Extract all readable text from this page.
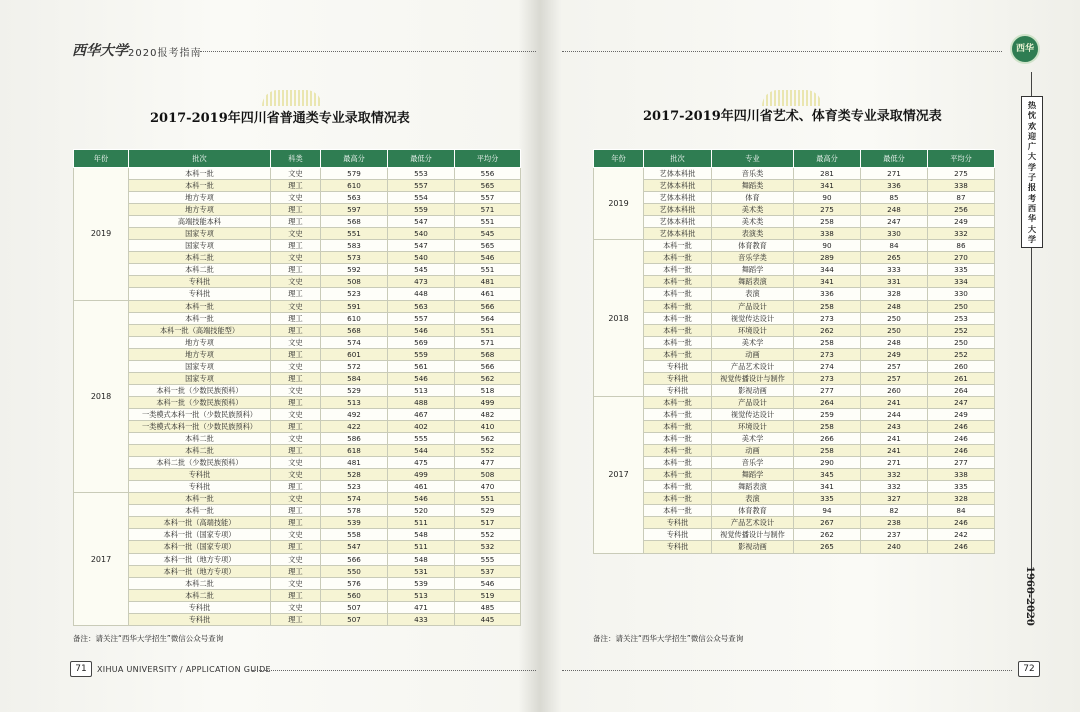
西华大学 2020报考指南
2017-2019年四川省普通类专业录取情况表
年份	批次	科类	最高分	最低分	平均分
2019	本科一批	文史	579	553	556
	本科一批	理工	610	557	565
	地方专项	文史	563	554	557
	地方专项	理工	597	559	571
	高端技能本科	理工	568	547	551
	国家专项	文史	551	540	545
	国家专项	理工	583	547	565
	本科二批	文史	573	540	546
	本科二批	理工	592	545	551
	专科批	文史	508	473	481
	专科批	理工	523	448	461
2018	本科一批	文史	591	563	566
	本科一批	理工	610	557	564
	本科一批（高端技能型）	理工	568	546	551
	地方专项	文史	574	569	571
	地方专项	理工	601	559	568
	国家专项	文史	572	561	566
	国家专项	理工	584	546	562
	本科一批（少数民族预科）	文史	529	513	518
	本科一批（少数民族预科）	理工	513	488	499
	一类模式本科一批（少数民族预科）	文史	492	467	482
	一类模式本科一批（少数民族预科）	理工	422	402	410
	本科二批	文史	586	555	562
	本科二批	理工	618	544	552
	本科二批（少数民族预科）	文史	481	475	477
	专科批	文史	528	499	508
	专科批	理工	523	461	470
2017	本科一批	文史	574	546	551
	本科一批	理工	578	520	529
	本科一批（高端技能）	理工	539	511	517
	本科一批（国家专项）	文史	558	548	552
	本科一批（国家专项）	理工	547	511	532
	本科一批（地方专项）	文史	566	548	555
	本科一批（地方专项）	理工	550	531	537
	本科二批	文史	576	539	546
	本科二批	理工	560	513	519
	专科批	文史	507	471	485
	专科批	理工	507	433	445
备注：请关注“西华大学招生”微信公众号查询
71	XIHUA UNIVERSITY / APPLICATION GUIDE
西华
2017-2019年四川省艺术、体育类专业录取情况表
年份	批次	专业	最高分	最低分	平均分
2019	艺体本科批	音乐类	281	271	275
	艺体本科批	舞蹈类	341	336	338
	艺体本科批	体育	90	85	87
	艺体本科批	美术类	275	248	256
	艺体本科批	美术类	258	247	249
	艺体本科批	表演类	338	330	332
2018	本科一批	体育教育	90	84	86
	本科一批	音乐学类	289	265	270
	本科一批	舞蹈学	344	333	335
	本科一批	舞蹈表演	341	331	334
	本科一批	表演	336	328	330
	本科一批	产品设计	258	248	250
	本科一批	视觉传达设计	273	250	253
	本科一批	环境设计	262	250	252
	本科一批	美术学	258	248	250
	本科一批	动画	273	249	252
	专科批	产品艺术设计	274	257	260
	专科批	视觉传播设计与制作	273	257	261
	专科批	影视动画	277	260	264
2017	本科一批	产品设计	264	241	247
	本科一批	视觉传达设计	259	244	249
	本科一批	环境设计	258	243	246
	本科一批	美术学	266	241	246
	本科一批	动画	258	241	246
	本科一批	音乐学	290	271	277
	本科一批	舞蹈学	345	332	338
	本科一批	舞蹈表演	341	332	335
	本科一批	表演	335	327	328
	本科一批	体育教育	94	82	84
	专科批	产品艺术设计	267	238	246
	专科批	视觉传播设计与制作	262	237	242
	专科批	影视动画	265	240	246
备注：请关注“西华大学招生”微信公众号查询
72
热
忱
欢
迎
广
大
学
子
报
考
西
华
大
学
1960-2020
